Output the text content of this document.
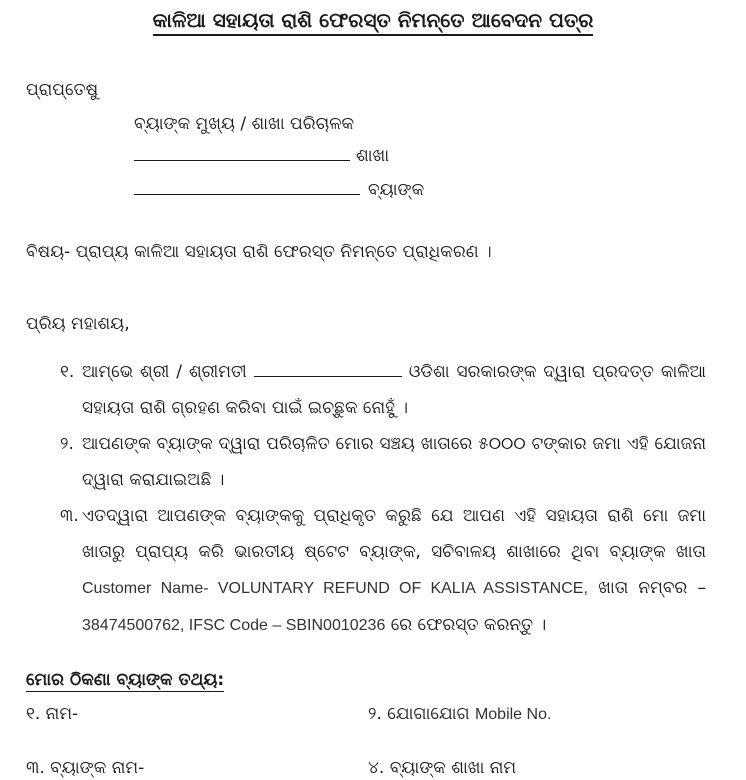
କାଳିଆ ସହାୟତା ରାଶି ଫେରସ୍ତ ନିମନ୍ତେ ଆବେଦନ ପତ୍ର
ପ୍ରାପ୍ତେଷୁ
ବ୍ୟାଙ୍କ ମୁଖ୍ୟ / ଶାଖା ପରିଚାଳକ
ଶାଖା
ବ୍ୟାଙ୍କ
ବିଷୟ- ପ୍ରାପ୍ୟ କାଳିଆ ସହାୟତା ରାଶି ଫେରସ୍ତ ନିମନ୍ତେ ପ୍ରାଧିକରଣ ।
ପ୍ରିୟ ମହାଶୟ,
୧. ଆମ୍ଭେ ଶ୍ରୀ / ଶ୍ରୀମତୀ	ଓଡିଶା ସରକାରଙ୍କ ଦ୍ୱାରା ପ୍ରଦତ୍ତ କାଳିଆ ସହାୟତା ରାଶି ଗ୍ରହଣ କରିବା ପାଇଁ ଇଚ୍ଛୁକ ନୋହୁଁ ।
୨. ଆପଣଙ୍କ ବ୍ୟାଙ୍କ ଦ୍ୱାରା ପରିଚାଳିତ ମୋର ସଞ୍ଚୟ ଖାତାରେ ୫୦୦୦ ଟଙ୍କାର ଜମା ଏହି ଯୋଜନା ଦ୍ୱାରା କରାଯାଇଅଛି ।
୩. ଏତଦ୍ୱାରା ଆପଣଙ୍କ ବ୍ୟାଙ୍କକୁ ପ୍ରାଧିକୃତ କରୁଛି ଯେ ଆପଣ ଏହି ସହାୟତା ରାଶି ମୋ ଜମା ଖାତାରୁ ପ୍ରାପ୍ୟ କରି ଭାରତୀୟ ଷ୍ଟେଟ ବ୍ୟାଙ୍କ, ସଚିବାଳୟ ଶାଖାରେ ଥିବା ବ୍ୟାଙ୍କ ଖାତା Customer Name- VOLUNTARY REFUND OF KALIA ASSISTANCE, ଖାତା ନମ୍ବର – 38474500762, IFSC Code – SBIN0010236 ରେ ଫେରସ୍ତ କରନ୍ତୁ ।
ମୋର ଠିକଣା ବ୍ୟାଙ୍କ ତଥ୍ୟ:
୧. ନାମ-	୨. ଯୋଗାଯୋଗ Mobile No.
୩. ବ୍ୟାଙ୍କ ନାମ-	୪. ବ୍ୟାଙ୍କ ଶାଖା ନାମ
